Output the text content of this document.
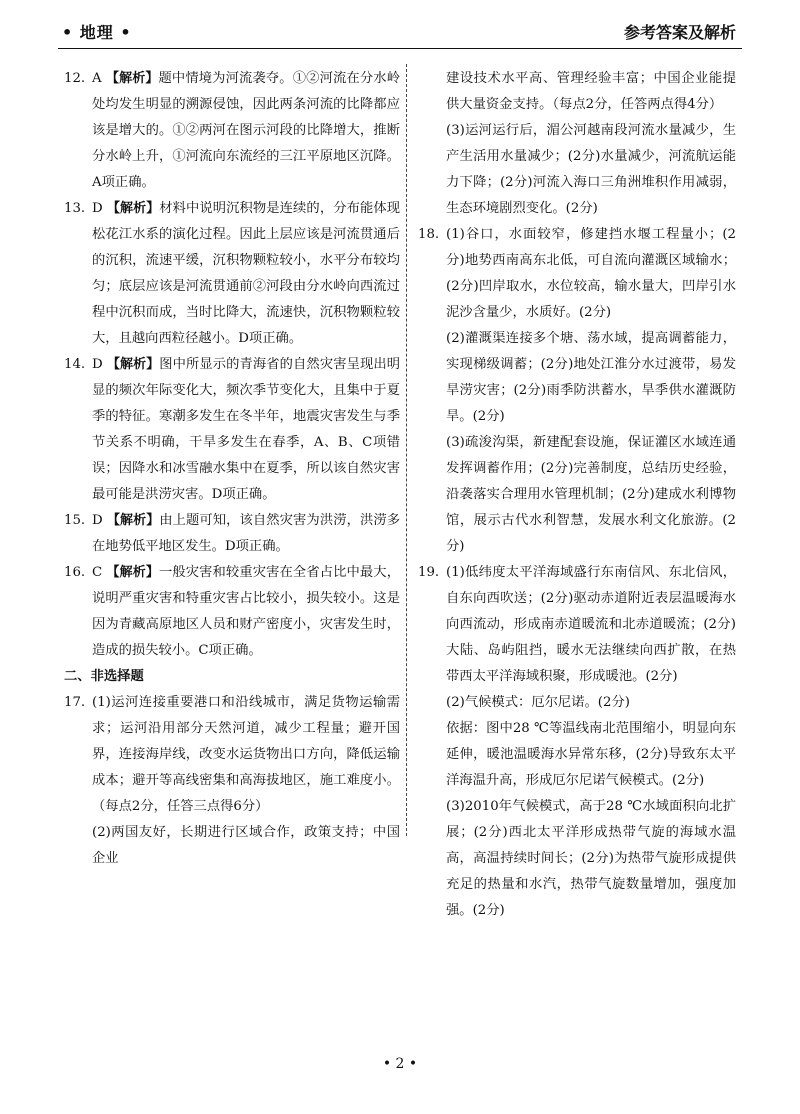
• 地理 •	参考答案及解析

12. A 【解析】题中情境为河流袭夺。①②河流在分水岭处均发生明显的溯源侵蚀，因此两条河流的比降都应该是增大的。①②两河在图示河段的比降增大，推断分水岭上升，①河流向东流经的三江平原地区沉降。A项正确。

13. D 【解析】材料中说明沉积物是连续的，分布能体现松花江水系的演化过程。因此上层应该是河流贯通后的沉积，流速平缓，沉积物颗粒较小，水平分布较均匀；底层应该是河流贯通前②河段由分水岭向西流过程中沉积而成，当时比降大，流速快，沉积物颗粒较大，且越向西粒径越小。D项正确。

14. D 【解析】图中所显示的青海省的自然灾害呈现出明显的频次年际变化大，频次季节变化大，且集中于夏季的特征。寒潮多发生在冬半年，地震灾害发生与季节关系不明确，干旱多发生在春季，A、B、C项错误；因降水和冰雪融水集中在夏季，所以该自然灾害最可能是洪涝灾害。D项正确。

15. D 【解析】由上题可知，该自然灾害为洪涝，洪涝多在地势低平地区发生。D项正确。

16. C 【解析】一般灾害和较重灾害在全省占比中最大，说明严重灾害和特重灾害占比较小，损失较小。这是因为青藏高原地区人员和财产密度小，灾害发生时，造成的损失较小。C项正确。

二、非选择题

17. (1)运河连接重要港口和沿线城市，满足货物运输需求；运河沿用部分天然河道，减少工程量；避开国界，连接海岸线，改变水运货物出口方向，降低运输成本；避开等高线密集和高海拔地区，施工难度小。（每点2分，任答三点得6分）

(2)两国友好，长期进行区域合作，政策支持；中国企业

建设技术水平高、管理经验丰富；中国企业能提供大量资金支持。（每点2分，任答两点得4分）

(3)运河运行后，湄公河越南段河流水量减少，生产生活用水量减少；(2分)水量减少，河流航运能力下降；(2分)河流入海口三角洲堆积作用减弱，生态环境剧烈变化。(2分)

18. (1)谷口，水面较窄，修建挡水堰工程量小；(2分)地势西南高东北低，可自流向灌溉区域输水；(2分)凹岸取水，水位较高，输水量大，凹岸引水泥沙含量少，水质好。(2分)

(2)灌溉渠连接多个塘、荡水域，提高调蓄能力，实现梯级调蓄；(2分)地处江淮分水过渡带，易发旱涝灾害；(2分)雨季防洪蓄水，旱季供水灌溉防旱。(2分)

(3)疏浚沟渠，新建配套设施，保证灌区水域连通发挥调蓄作用；(2分)完善制度，总结历史经验，沿袭落实合理用水管理机制；(2分)建成水利博物馆，展示古代水利智慧，发展水利文化旅游。(2分)

19. (1)低纬度太平洋海域盛行东南信风、东北信风，自东向西吹送；(2分)驱动赤道附近表层温暖海水向西流动，形成南赤道暖流和北赤道暖流；(2分)大陆、岛屿阻挡，暖水无法继续向西扩散，在热带西太平洋海域积聚，形成暖池。(2分)

(2)气候模式：厄尔尼诺。(2分)

依据：图中28 ℃等温线南北范围缩小，明显向东延伸，暖池温暖海水异常东移，(2分)导致东太平洋海温升高，形成厄尔尼诺气候模式。(2分)

(3)2010年气候模式，高于28 ℃水域面积向北扩展；(2分)西北太平洋形成热带气旋的海域水温高，高温持续时间长；(2分)为热带气旋形成提供充足的热量和水汽，热带气旋数量增加，强度加强。(2分)

• 2 •
